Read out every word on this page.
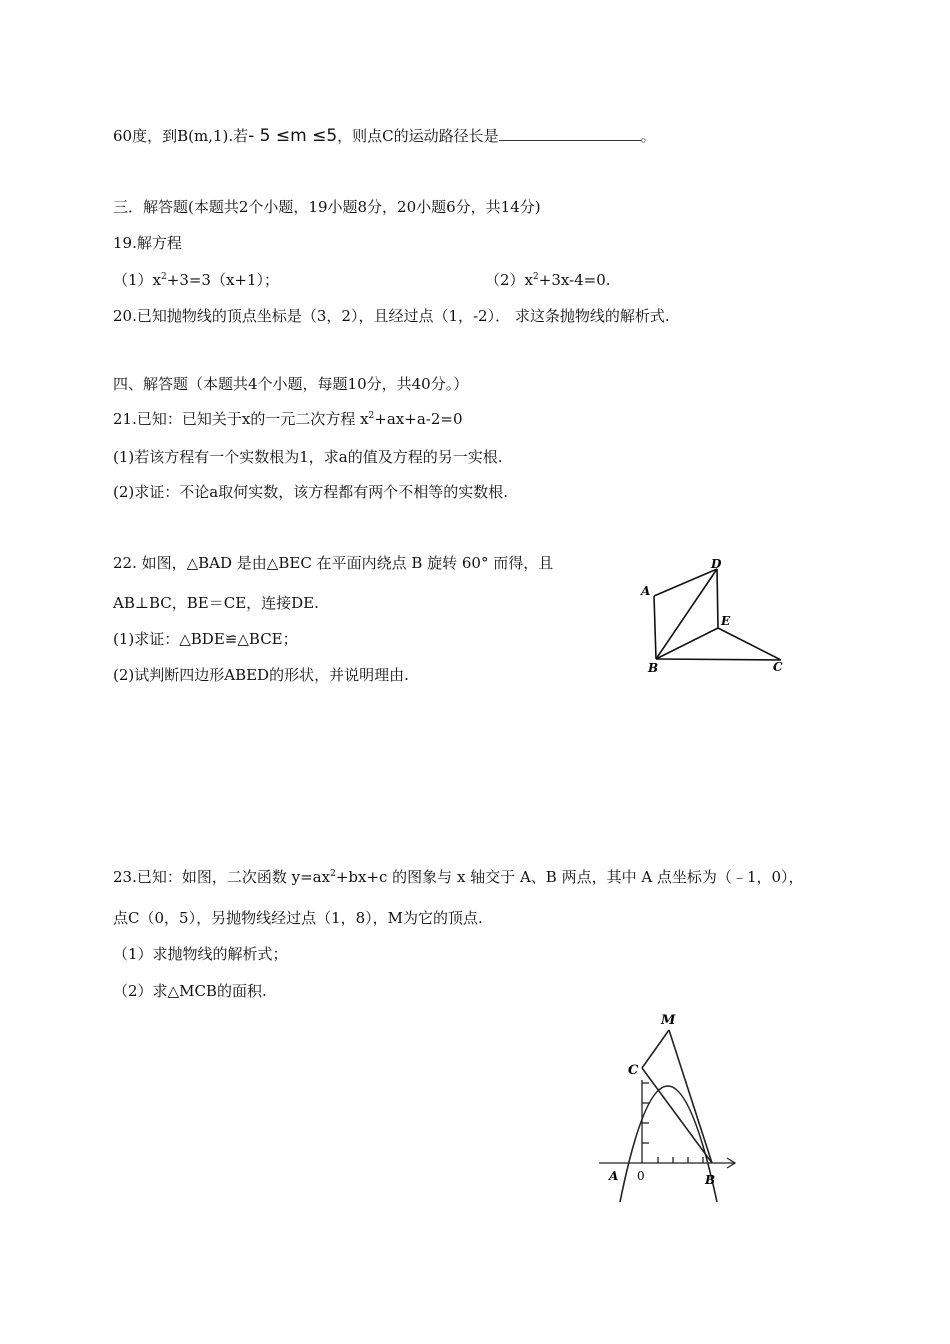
60度，到B(m,1).若- 5 ≤m ≤5，则点C的运动路径长是	。
三．解答题(本题共2个小题，19小题8分，20小题6分，共14分)
19.解方程
$(1)x^2+3=3(x+1)$；	$(2)x^2+3x-4=0$.
20.已知抛物线的顶点坐标是（3，2），且经过点（1，-2）． 求这条抛物线的解析式.
四、解答题（本题共4个小题，每题10分，共40分。）
21.已知：已知关于x的一元二次方程 $x^2+ax+a-2=0$
(1)若该方程有一个实数根为1，求a的值及方程的另一实根.
(2)求证：不论a取何实数，该方程都有两个不相等的实数根.
22. 如图，△BAD 是由△BEC 在平面内绕点 B 旋转 60° 而得，且
AB⊥BC，BE＝CE，连接DE.
(1)求证：△BDE≌△BCE；
(2)试判断四边形ABED的形状，并说明理由.
A
B	C
D
E
23.已知：如图，二次函数 $y=ax^2+bx+c$ 的图象与 x 轴交于 A、B 两点，其中 A 点坐标为（﹣1，0），
点C（0，5），另抛物线经过点（1，8），M为它的顶点.
（1）求抛物线的解析式；
（2）求△MCB的面积.
M
C
A 0	B
